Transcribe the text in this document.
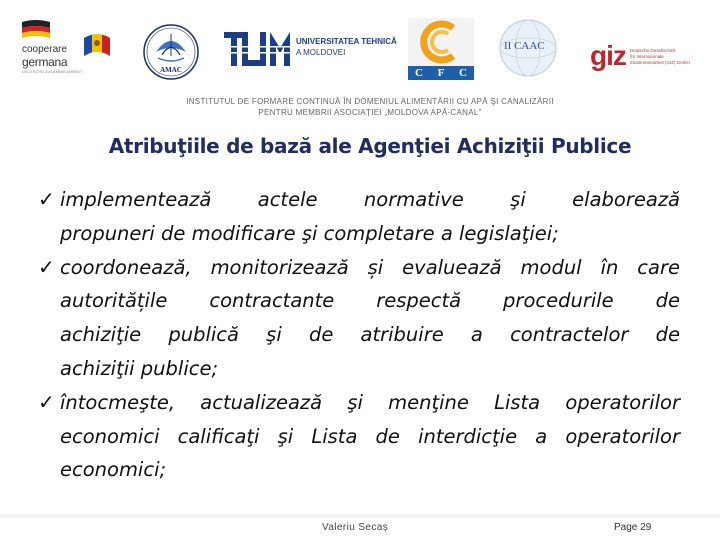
cooperare
germana
DEUTSCHE ZUSAMMENARBEIT	AMAC
UNIVERSITATEA TEHNICĂ
A MOLDOVEI
C	F	C
II CAAC giz Deutsche Gesellschaft
für Internationale
Zusammenarbeit (GIZ) GmbH
INSTITUTUL DE FORMARE CONTINUĂ ÎN DOMENIUL ALIMENTĂRII CU APĂ ŞI CANALIZĂRII
PENTRU MEMBRII ASOCIAȚIEI „MOLDOVA APĂ-CANAL”
Atribuţiile de bază ale Agenţiei Achiziţii Publice
✓ implementează actele normative şi elaborează
propuneri de modificare şi completare a legislaţiei;
✓ coordonează, monitorizează și evaluează modul în care
autoritățile contractante respectă procedurile de
achiziţie publică şi de atribuire a contractelor de
achiziţii publice;
✓ întocmeşte, actualizează şi menţine Lista operatorilor
economici calificaţi şi Lista de interdicţie a operatorilor
economici;
Valeriu Secaș	Page 29
